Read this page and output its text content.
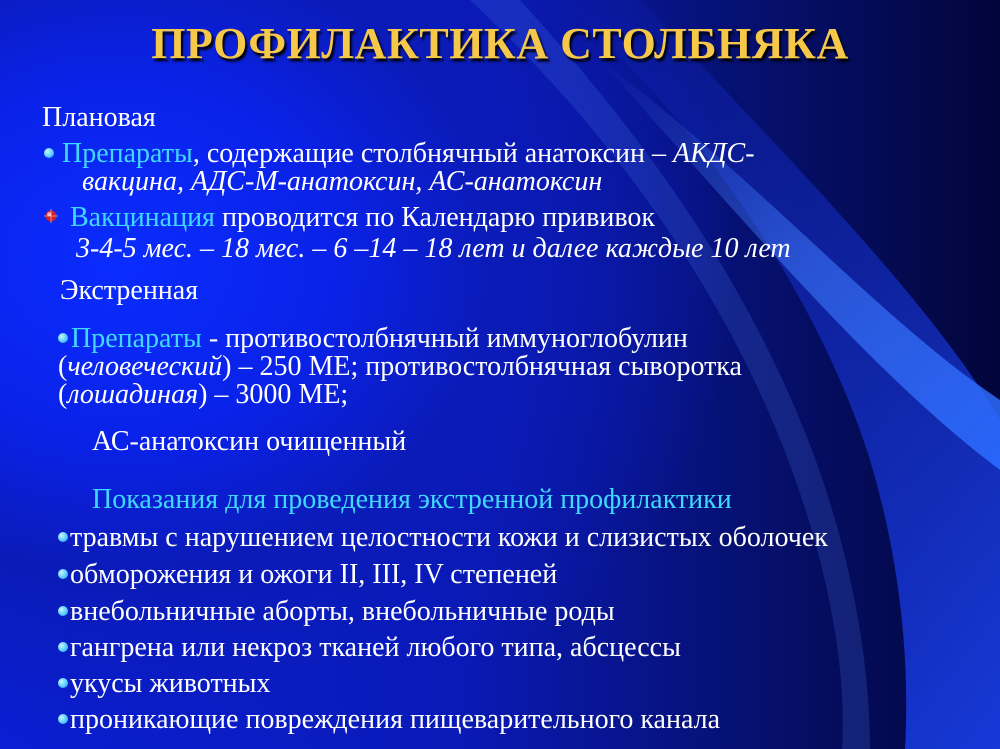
ПРОФИЛАКТИКА СТОЛБНЯКА
Плановая
Препараты, содержащие столбнячный анатоксин – АКДС-
вакцина, АДС-М-анатоксин, АС-анатоксин
Вакцинация проводится по Календарю прививок
3-4-5 мес. – 18 мес. – 6 –14 – 18 лет и далее каждые 10 лет
Экстренная
Препараты - противостолбнячный иммуноглобулин
(человеческий) – 250 МЕ; противостолбнячная сыворотка
(лошадиная) – 3000 МЕ;
АС-анатоксин очищенный
Показания для проведения экстренной профилактики
травмы с нарушением целостности кожи и слизистых оболочек
обморожения и ожоги II, III, IV степеней
внебольничные аборты, внебольничные роды
гангрена или некроз тканей любого типа, абсцессы
укусы животных
проникающие повреждения пищеварительного канала
